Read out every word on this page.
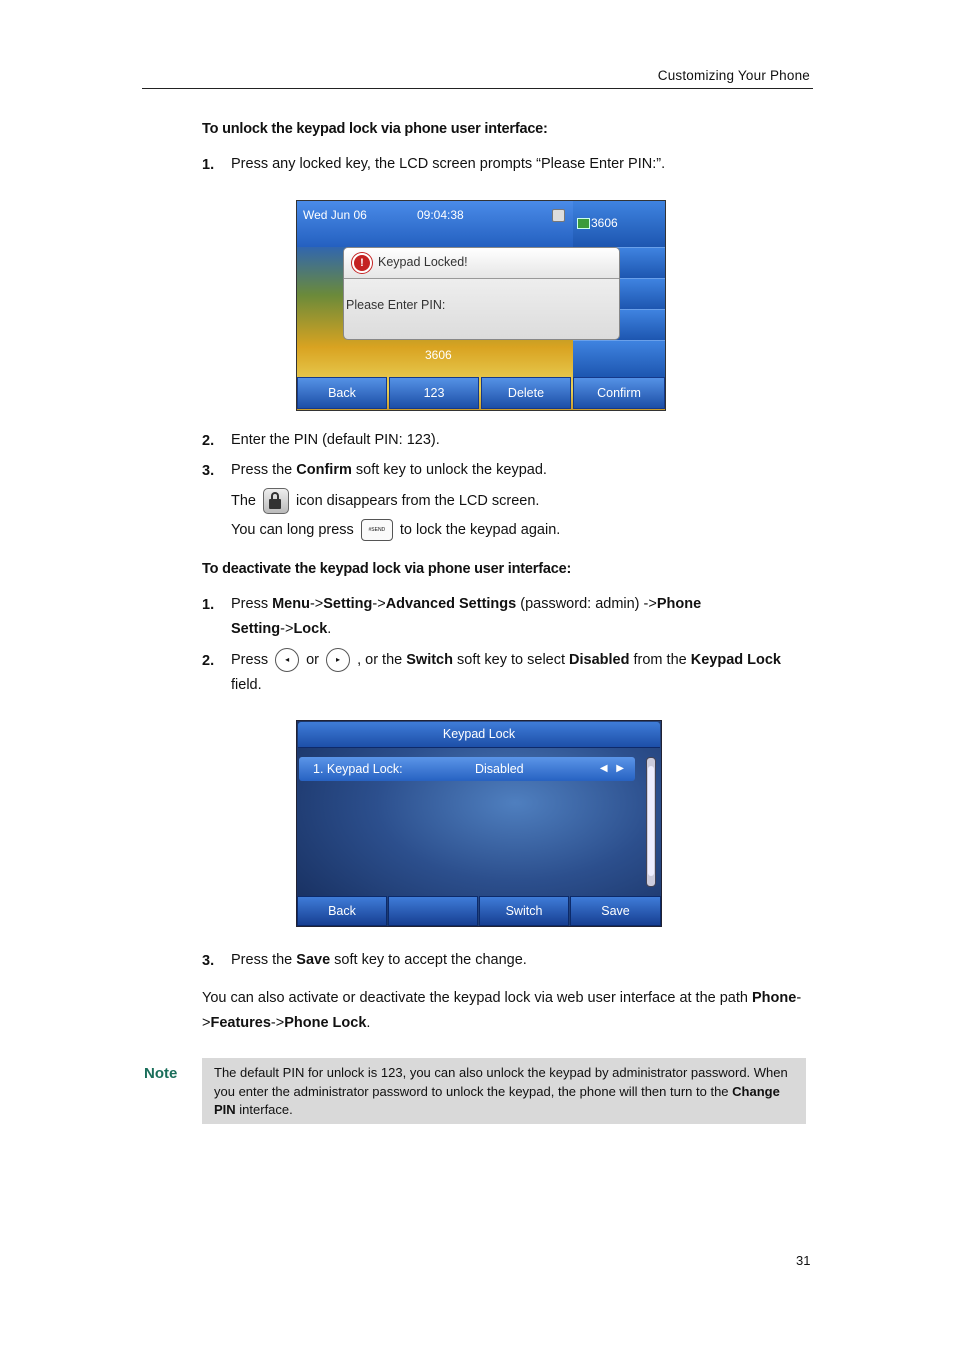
Customizing Your Phone
To unlock the keypad lock via phone user interface:
1. Press any locked key, the LCD screen prompts “Please Enter PIN:”.
Wed Jun 06	09:04:38
3606
!	Keypad Locked!
Please Enter PIN:
3606
Back	123	Delete	Confirm
2. Enter the PIN (default PIN: 123).
3. Press the Confirm soft key to unlock the keypad.
The
icon disappears from the LCD screen.
You can long press #SEND to lock the keypad again.
To deactivate the keypad lock via phone user interface:
1. Press Menu->Setting->Advanced Settings (password: admin) ->Phone Setting->Lock.
2. Press ◂ or ▸ , or the Switch soft key to select Disabled from the Keypad Lock field.
Keypad Lock
1. Keypad Lock:	Disabled	◀ ▶
Back	Switch	Save
3. Press the Save soft key to accept the change.
You can also activate or deactivate the keypad lock via web user interface at the path Phone->Features->Phone Lock.
Note	The default PIN for unlock is 123, you can also unlock the keypad by administrator password. When you enter the administrator password to unlock the keypad, the phone will then turn to the Change PIN interface.
31
